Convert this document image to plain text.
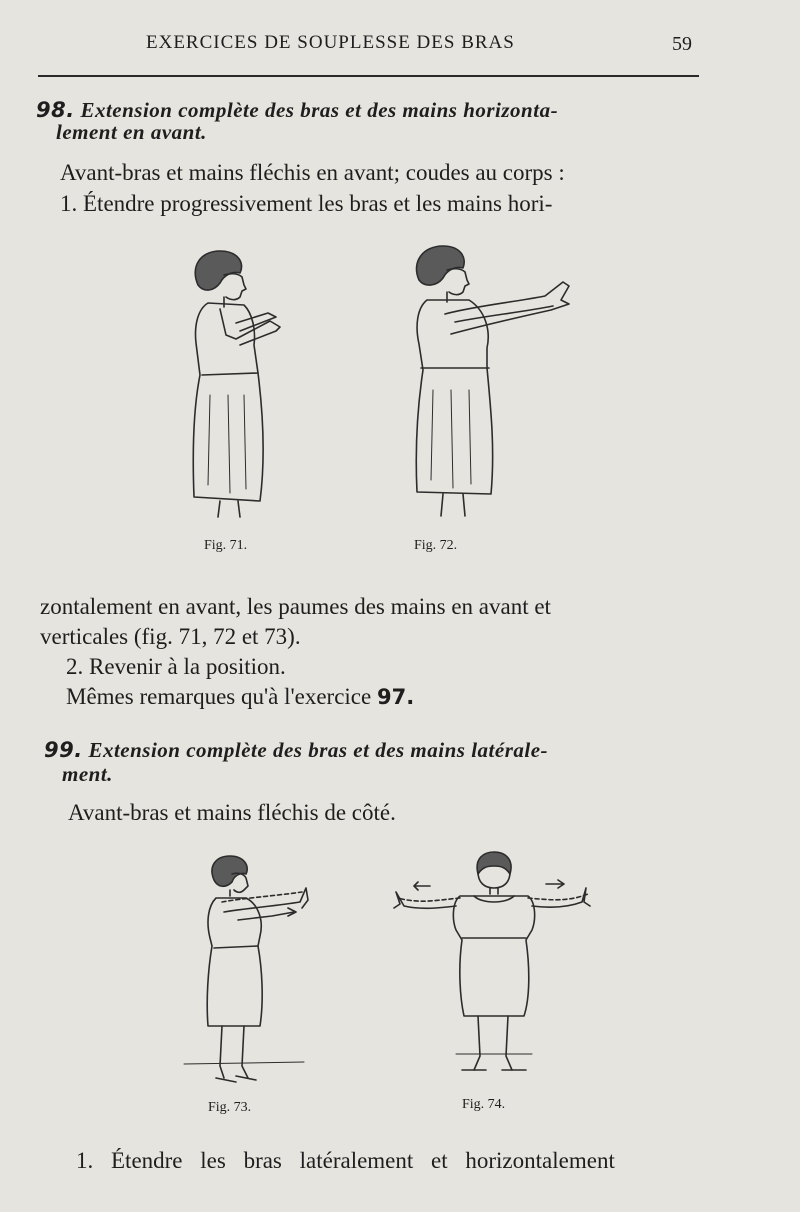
EXERCICES DE SOUPLESSE DES BRAS	59
98. Extension complète des bras et des mains horizonta-
lement en avant.
Avant-bras et mains fléchis en avant; coudes au corps :
1. Étendre progressivement les bras et les mains hori-
Fig. 71.	Fig. 72.
zontalement en avant, les paumes des mains en avant et
verticales (fig. 71, 72 et 73).
2. Revenir à la position.
Mêmes remarques qu'à l'exercice 97.
99. Extension complète des bras et des mains latérale-
ment.
Avant-bras et mains fléchis de côté.
Fig. 73.	Fig. 74.
1. Étendre les bras latéralement et horizontalement
